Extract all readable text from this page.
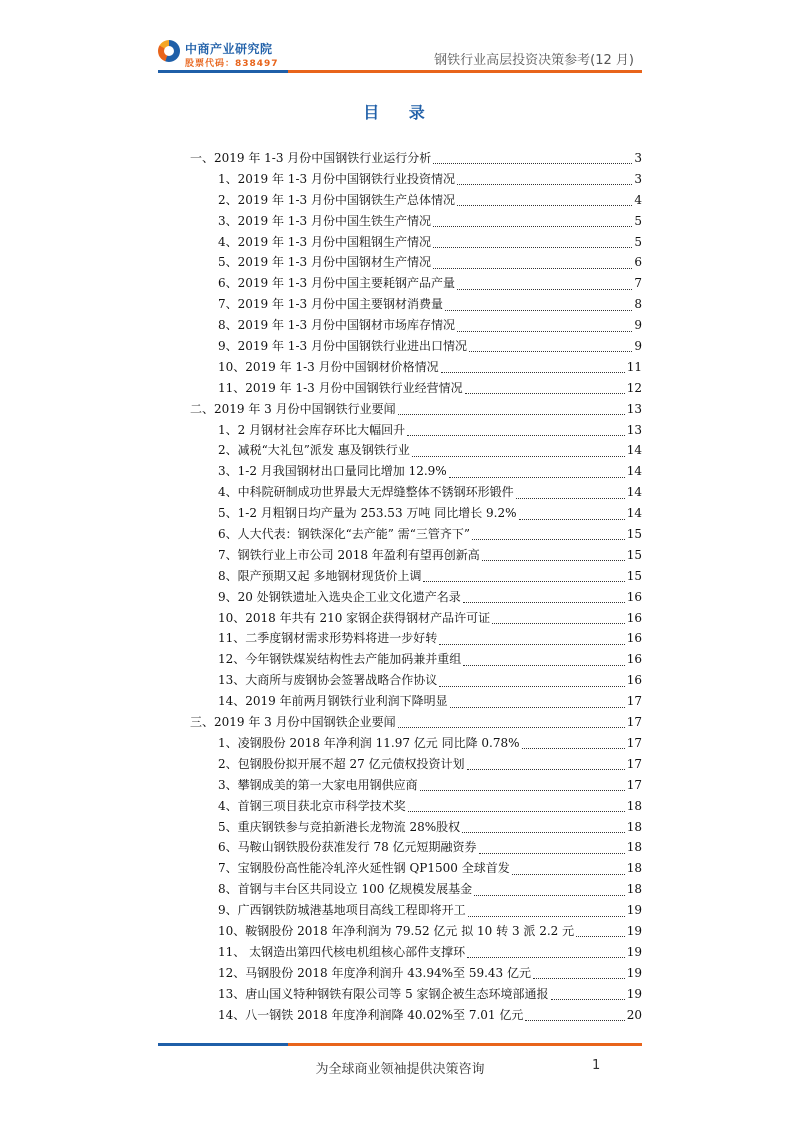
中商产业研究院
股票代码：838497	钢铁行业高层投资决策参考(12 月)
目 录
一、2019 年 1-3 月份中国钢铁行业运行分析	3
1、2019 年 1-3 月份中国钢铁行业投资情况	3
2、2019 年 1-3 月份中国钢铁生产总体情况	4
3、2019 年 1-3 月份中国生铁生产情况	5
4、2019 年 1-3 月份中国粗钢生产情况	5
5、2019 年 1-3 月份中国钢材生产情况	6
6、2019 年 1-3 月份中国主要耗钢产品产量	7
7、2019 年 1-3 月份中国主要钢材消费量	8
8、2019 年 1-3 月份中国钢材市场库存情况	9
9、2019 年 1-3 月份中国钢铁行业进出口情况	9
10、2019 年 1-3 月份中国钢材价格情况	11
11、2019 年 1-3 月份中国钢铁行业经营情况	12
二、2019 年 3 月份中国钢铁行业要闻	13
1、2 月钢材社会库存环比大幅回升	13
2、减税“大礼包”派发 惠及钢铁行业	14
3、1-2 月我国钢材出口量同比增加 12.9%	14
4、中科院研制成功世界最大无焊缝整体不锈钢环形锻件	14
5、1-2 月粗钢日均产量为 253.53 万吨 同比增长 9.2%	14
6、人大代表：钢铁深化“去产能” 需“三管齐下”	15
7、钢铁行业上市公司 2018 年盈利有望再创新高	15
8、限产预期又起 多地钢材现货价上调	15
9、20 处钢铁遗址入选央企工业文化遗产名录	16
10、2018 年共有 210 家钢企获得钢材产品许可证	16
11、二季度钢材需求形势料将进一步好转	16
12、今年钢铁煤炭结构性去产能加码兼并重组	16
13、大商所与废钢协会签署战略合作协议	16
14、2019 年前两月钢铁行业利润下降明显	17
三、2019 年 3 月份中国钢铁企业要闻	17
1、凌钢股份 2018 年净利润 11.97 亿元 同比降 0.78%	17
2、包钢股份拟开展不超 27 亿元债权投资计划	17
3、攀钢成美的第一大家电用钢供应商	17
4、首钢三项目获北京市科学技术奖	18
5、重庆钢铁参与竞拍新港长龙物流 28%股权	18
6、马鞍山钢铁股份获准发行 78 亿元短期融资券	18
7、宝钢股份高性能冷轧淬火延性钢 QP1500 全球首发	18
8、首钢与丰台区共同设立 100 亿规模发展基金	18
9、广西钢铁防城港基地项目高线工程即将开工	19
10、鞍钢股份 2018 年净利润为 79.52 亿元 拟 10 转 3 派 2.2 元	19
11、 太钢造出第四代核电机组核心部件支撑环	19
12、马钢股份 2018 年度净利润升 43.94%至 59.43 亿元	19
13、唐山国义特种钢铁有限公司等 5 家钢企被生态环境部通报	19
14、八一钢铁 2018 年度净利润降 40.02%至 7.01 亿元	20
为全球商业领袖提供决策咨询	1
